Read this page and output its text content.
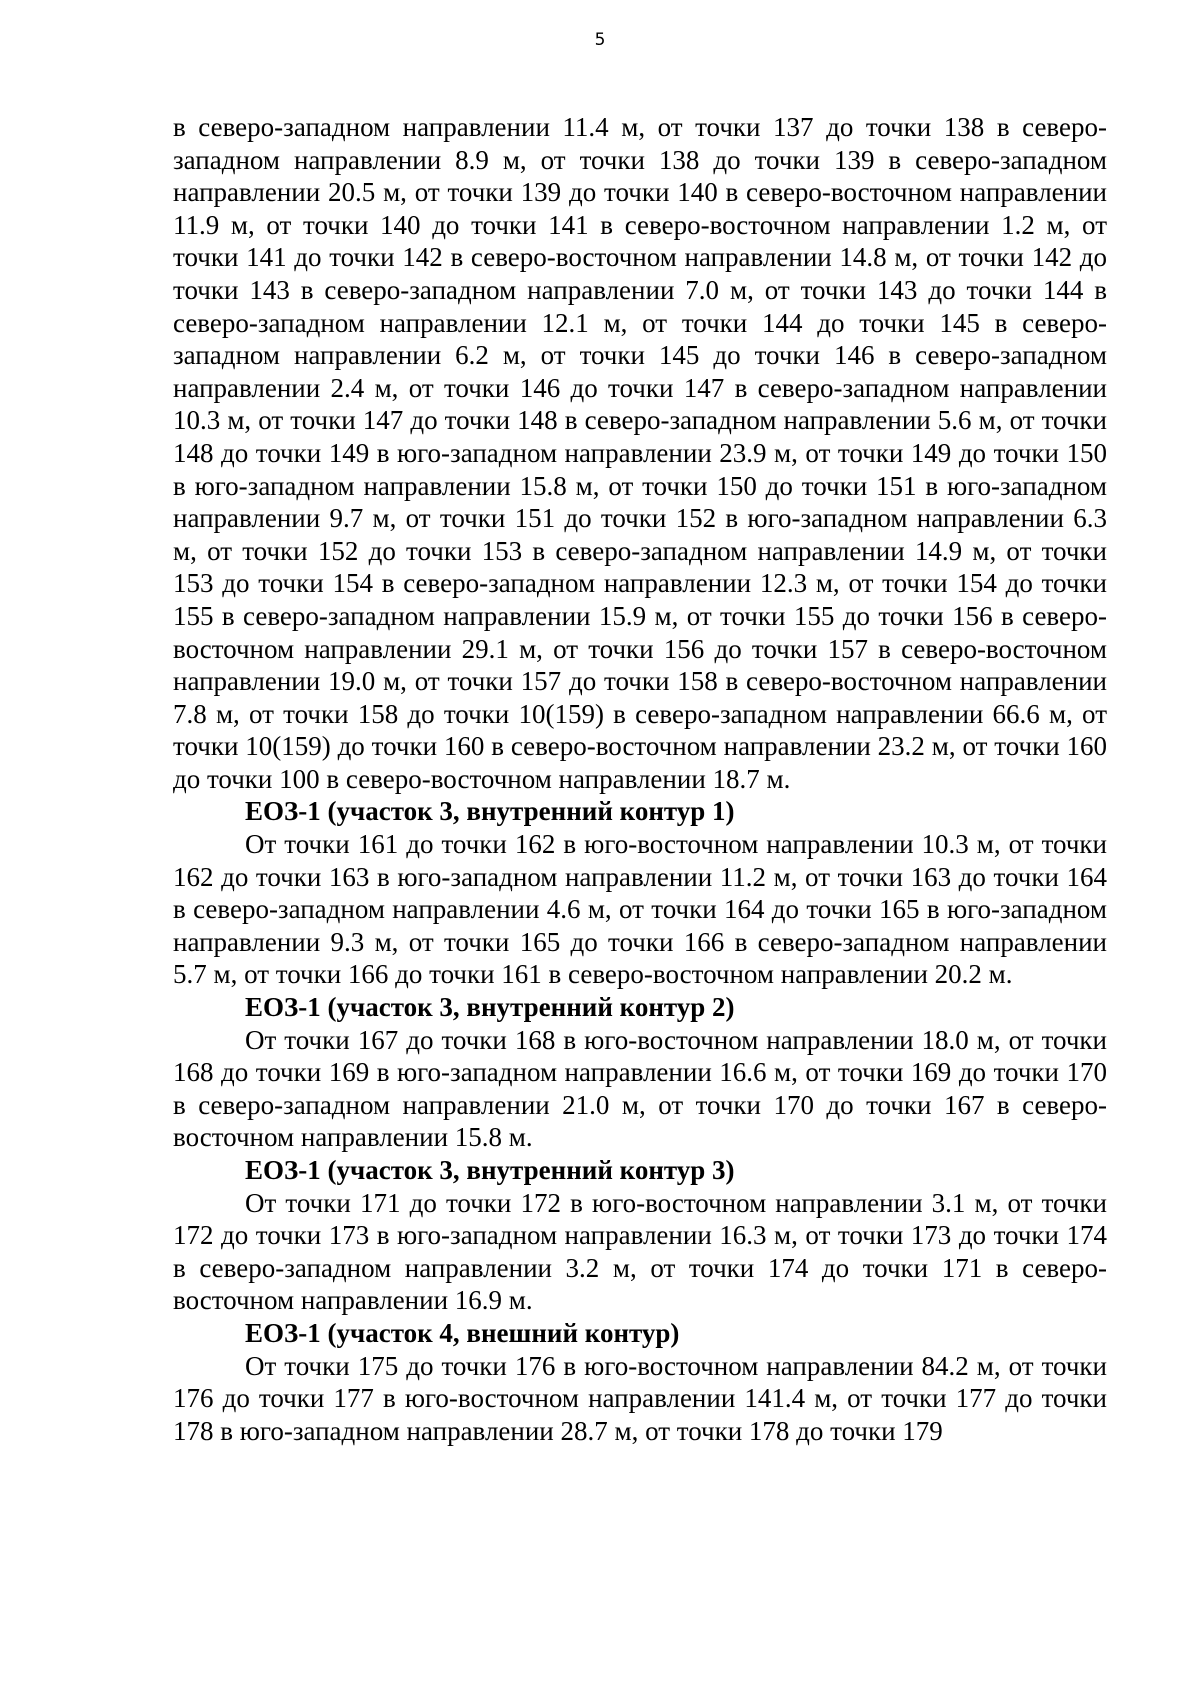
5

в северо-западном направлении 11.4 м, от точки 137 до точки 138 в северо-западном направлении 8.9 м, от точки 138 до точки 139 в северо-западном направлении 20.5 м, от точки 139 до точки 140 в северо-восточном направлении 11.9 м, от точки 140 до точки 141 в северо-восточном направлении 1.2 м, от точки 141 до точки 142 в северо-восточном направлении 14.8 м, от точки 142 до точки 143 в северо-западном направлении 7.0 м, от точки 143 до точки 144 в северо-западном направлении 12.1 м, от точки 144 до точки 145 в северо-западном направлении 6.2 м, от точки 145 до точки 146 в северо-западном направлении 2.4 м, от точки 146 до точки 147 в северо-западном направлении 10.3 м, от точки 147 до точки 148 в северо-западном направлении 5.6 м, от точки 148 до точки 149 в юго-западном направлении 23.9 м, от точки 149 до точки 150 в юго-западном направлении 15.8 м, от точки 150 до точки 151 в юго-западном направлении 9.7 м, от точки 151 до точки 152 в юго-западном направлении 6.3 м, от точки 152 до точки 153 в северо-западном направлении 14.9 м, от точки 153 до точки 154 в северо-западном направлении 12.3 м, от точки 154 до точки 155 в северо-западном направлении 15.9 м, от точки 155 до точки 156 в северо-восточном направлении 29.1 м, от точки 156 до точки 157 в северо-восточном направлении 19.0 м, от точки 157 до точки 158 в северо-восточном направлении 7.8 м, от точки 158 до точки 10(159) в северо-западном направлении 66.6 м, от точки 10(159) до точки 160 в северо-восточном направлении 23.2 м, от точки 160 до точки 100 в северо-восточном направлении 18.7 м.

ЕОЗ-1 (участок 3, внутренний контур 1)

От точки 161 до точки 162 в юго-восточном направлении 10.3 м, от точки 162 до точки 163 в юго-западном направлении 11.2 м, от точки 163 до точки 164 в северо-западном направлении 4.6 м, от точки 164 до точки 165 в юго-западном направлении 9.3 м, от точки 165 до точки 166 в северо-западном направлении 5.7 м, от точки 166 до точки 161 в северо-восточном направлении 20.2 м.

ЕОЗ-1 (участок 3, внутренний контур 2)

От точки 167 до точки 168 в юго-восточном направлении 18.0 м, от точки 168 до точки 169 в юго-западном направлении 16.6 м, от точки 169 до точки 170 в северо-западном направлении 21.0 м, от точки 170 до точки 167 в северо-восточном направлении 15.8 м.

ЕОЗ-1 (участок 3, внутренний контур 3)

От точки 171 до точки 172 в юго-восточном направлении 3.1 м, от точки 172 до точки 173 в юго-западном направлении 16.3 м, от точки 173 до точки 174 в северо-западном направлении 3.2 м, от точки 174 до точки 171 в северо-восточном направлении 16.9 м.

ЕОЗ-1 (участок 4, внешний контур)

От точки 175 до точки 176 в юго-восточном направлении 84.2 м, от точки 176 до точки 177 в юго-восточном направлении 141.4 м, от точки 177 до точки 178 в юго-западном направлении 28.7 м, от точки 178 до точки 179
